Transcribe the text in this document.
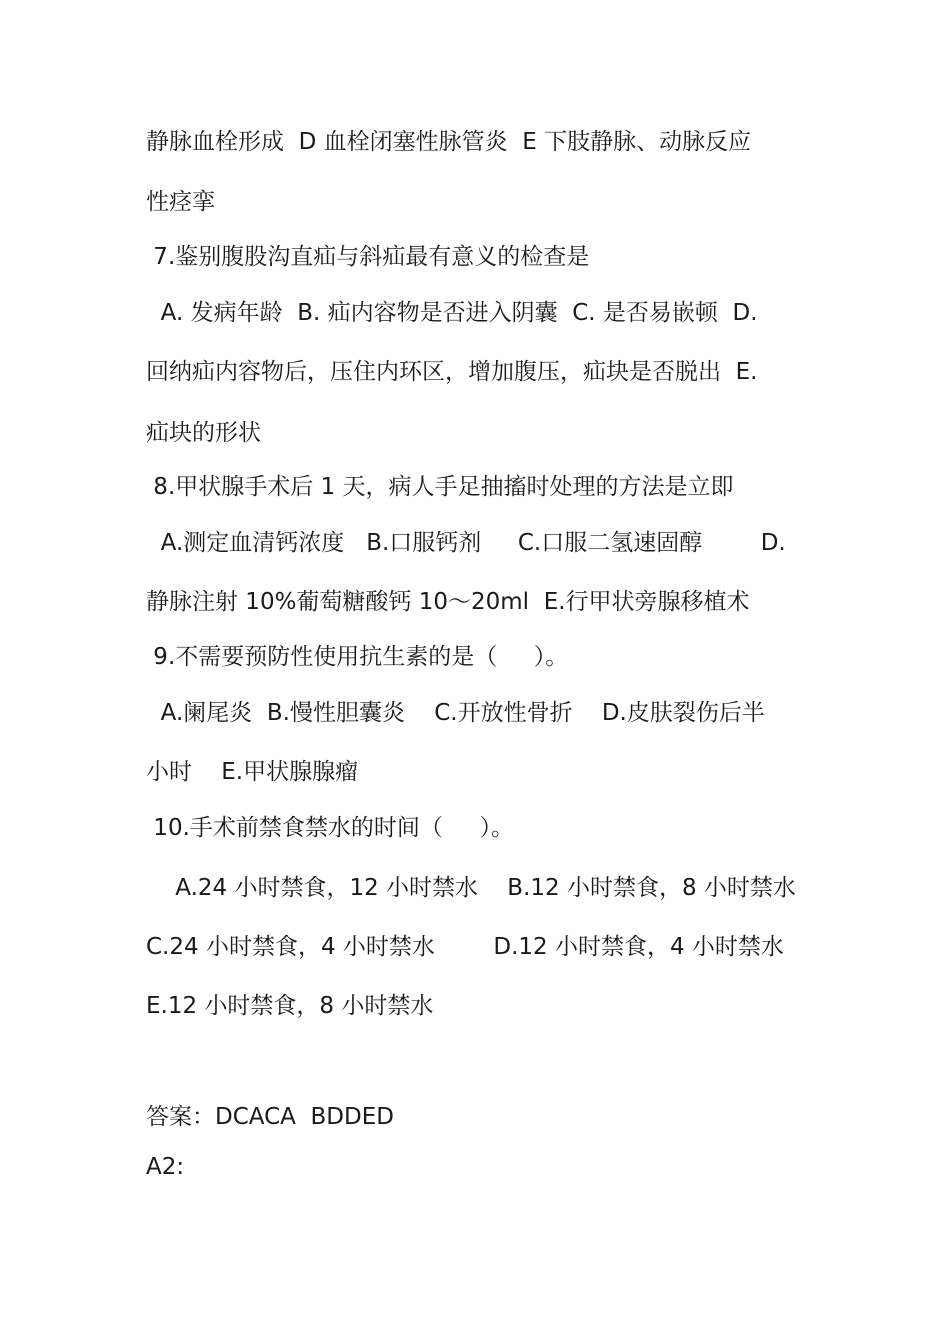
静脉血栓形成  D 血栓闭塞性脉管炎  E 下肢静脉、动脉反应

性痉挛

7.鉴别腹股沟直疝与斜疝最有意义的检查是

A. 发病年龄  B. 疝内容物是否进入阴囊  C. 是否易嵌顿  D.

回纳疝内容物后，压住内环区，增加腹压，疝块是否脱出  E.

疝块的形状

8.甲状腺手术后 1 天，病人手足抽搐时处理的方法是立即

A.测定血清钙浓度   B.口服钙剂     C.口服二氢速固醇        D.

静脉注射 10%葡萄糖酸钙 10～20ml  E.行甲状旁腺移植术

9.不需要预防性使用抗生素的是（     ）。

A.阑尾炎  B.慢性胆囊炎    C.开放性骨折    D.皮肤裂伤后半

小时    E.甲状腺腺瘤

10.手术前禁食禁水的时间（     ）。

A.24 小时禁食，12 小时禁水    B.12 小时禁食，8 小时禁水

C.24 小时禁食，4 小时禁水        D.12 小时禁食，4 小时禁水

E.12 小时禁食，8 小时禁水

答案：DCACA  BDDED

A2:
